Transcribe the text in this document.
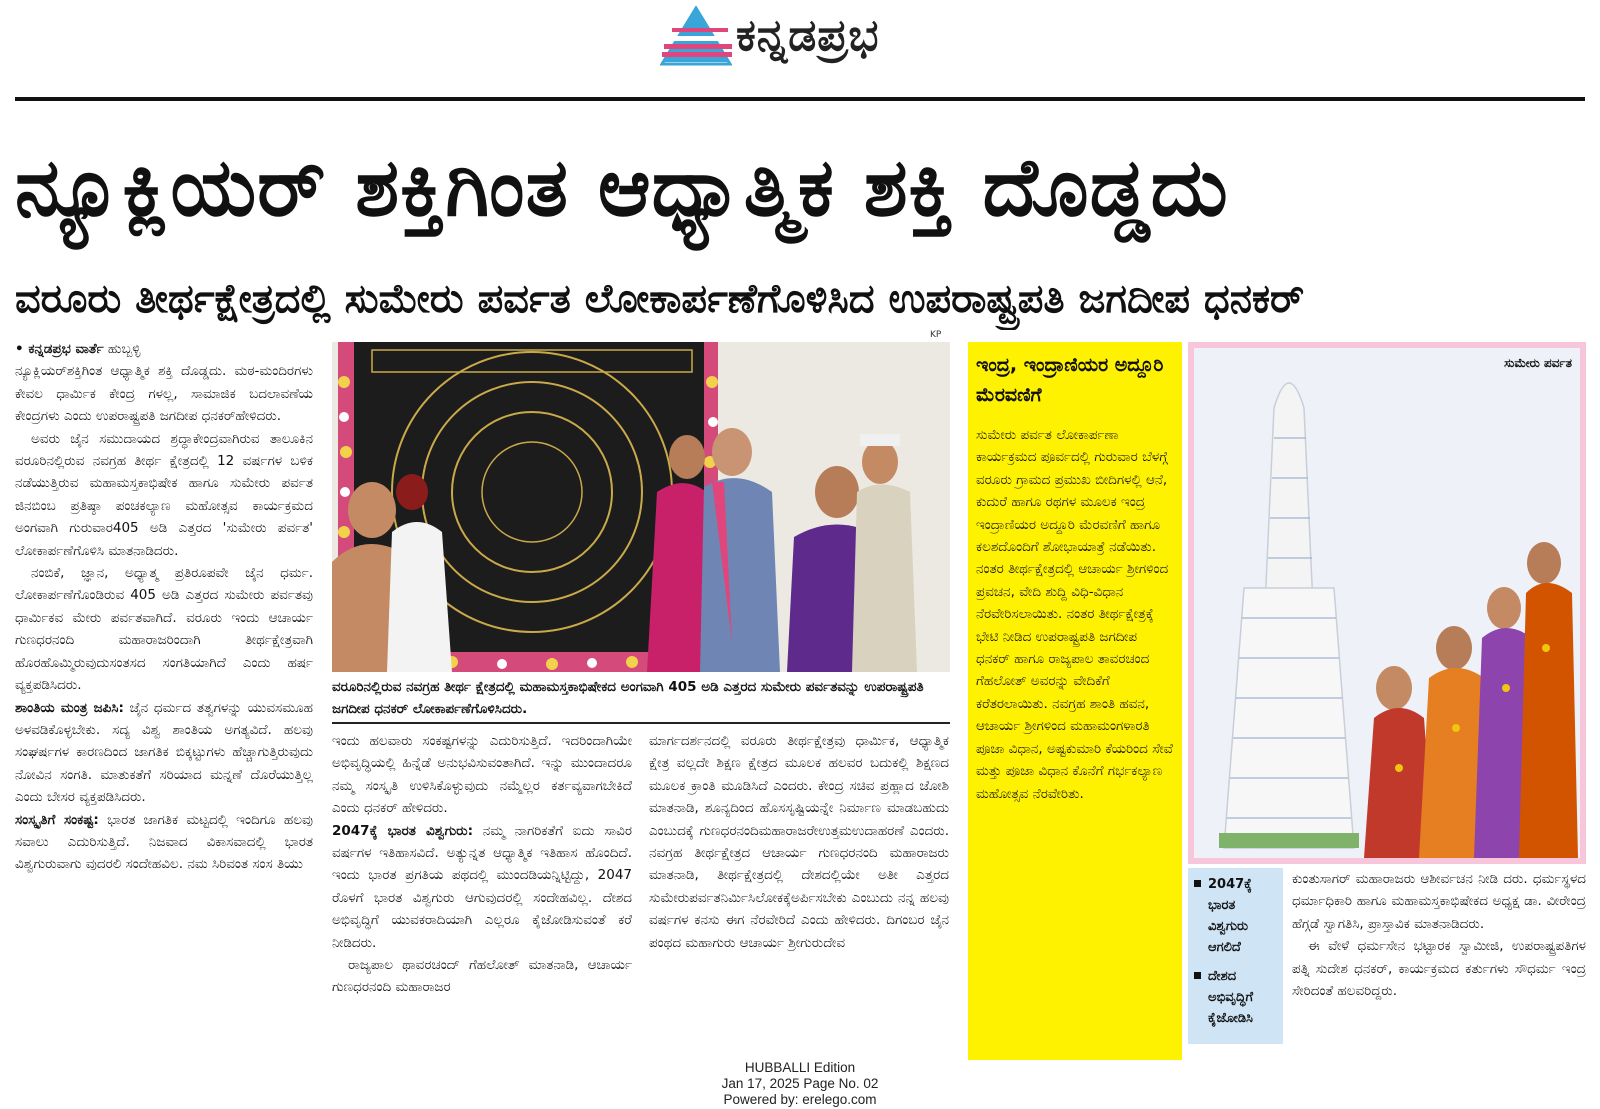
ಕನ್ನಡಪ್ರಭ
ನ್ಯೂಕ್ಲಿಯರ್ ಶಕ್ತಿಗಿಂತ ಆಧ್ಯಾತ್ಮಿಕ ಶಕ್ತಿ ದೊಡ್ಡದು
ವರೂರು ತೀರ್ಥಕ್ಷೇತ್ರದಲ್ಲಿ ಸುಮೇರು ಪರ್ವತ ಲೋಕಾರ್ಪಣೆಗೊಳಿಸಿದ ಉಪರಾಷ್ಟ್ರಪತಿ ಜಗದೀಪ ಧನಕರ್

• ಕನ್ನಡಪ್ರಭ ವಾರ್ತೆ ಹುಬ್ಬಳ್ಳಿ

ನ್ಯೂಕ್ಲಿಯರ್‌ಶಕ್ತಿಗಿಂತ ಆಧ್ಯಾತ್ಮಿಕ ಶಕ್ತಿ ದೊಡ್ಡದು. ಮಠ-ಮಂದಿರಗಳು ಕೇವಲ ಧಾರ್ಮಿಕ ಕೇಂದ್ರ ಗಳಲ್ಲ, ಸಾಮಾಜಿಕ ಬದಲಾವಣೆಯ ಕೇಂದ್ರಗಳು ಎಂದು ಉಪರಾಷ್ಟ್ರಪತಿ ಜಗದೀಪ ಧನಕರ್‌ಹೇಳಿದರು.

ಅವರು ಜೈನ ಸಮುದಾಯದ ಶ್ರದ್ಧಾಕೇಂದ್ರವಾಗಿರುವ ತಾಲೂಕಿನ ವರೂರಿನಲ್ಲಿರುವ ನವಗ್ರಹ ತೀರ್ಥ ಕ್ಷೇತ್ರದಲ್ಲಿ 12 ವರ್ಷಗಳ ಬಳಿಕ ನಡೆಯುತ್ತಿರುವ ಮಹಾಮಸ್ತಕಾಭಿಷೇಕ ಹಾಗೂ ಸುಮೇರು ಪರ್ವತ ಜಿನಬಿಂಬ ಪ್ರತಿಷ್ಠಾ ಪಂಚಕಲ್ಯಾಣ ಮಹೋತ್ಸವ ಕಾರ್ಯಕ್ರಮದ ಅಂಗವಾಗಿ ಗುರುವಾರ405 ಅಡಿ ಎತ್ತರದ 'ಸುಮೇರು ಪರ್ವತ' ಲೋಕಾರ್ಪಣೆಗೊಳಿಸಿ ಮಾತನಾಡಿದರು.

ನಂಬಿಕೆ, ಜ್ಞಾನ, ಅಧ್ಯಾತ್ಮ ಪ್ರತಿರೂಪವೇ ಜೈನ ಧರ್ಮ. ಲೋಕಾರ್ಪಣೆಗೊಂಡಿರುವ 405 ಅಡಿ ಎತ್ತರದ ಸುಮೇರು ಪರ್ವತವು ಧಾರ್ಮಿಕವ ಮೇರು ಪರ್ವತವಾಗಿದೆ. ವರೂರು ಇಂದು ಆಚಾರ್ಯ ಗುಣಧರನಂದಿ ಮಹಾರಾಜರಿಂದಾಗಿ ತೀರ್ಥಕ್ಷೇತ್ರವಾಗಿ ಹೊರಹೊಮ್ಮಿರುವುದುಸಂತಸದ ಸಂಗತಿಯಾಗಿದೆ ಎಂದು ಹರ್ಷ ವ್ಯಕ್ತಪಡಿಸಿದರು.

ಶಾಂತಿಯ ಮಂತ್ರ ಜಪಿಸಿ: ಜೈನ ಧರ್ಮದ ತತ್ವಗಳನ್ನು ಯುವಸಮೂಹ ಅಳವಡಿಕೊಳ್ಳಬೇಕು. ಸದ್ಯ ವಿಶ್ವ ಶಾಂತಿಯ ಅಗತ್ಯವಿದೆ. ಹಲವು ಸಂಘರ್ಷಗಳ ಕಾರಣದಿಂದ ಜಾಗತಿಕ ಬಿಕ್ಕಟ್ಟುಗಳು ಹೆಚ್ಚಾಗುತ್ತಿರುವುದು ನೋವಿನ ಸಂಗತಿ. ಮಾತುಕತೆಗೆ ಸರಿಯಾದ ಮನ್ನಣೆ ದೊರೆಯುತ್ತಿಲ್ಲ ಎಂದು ಬೇಸರ ವ್ಯಕ್ತಪಡಿಸಿದರು.

ಸಂಸ್ಕೃತಿಗೆ ಸಂಕಷ್ಟ: ಭಾರತ ಜಾಗತಿಕ ಮಟ್ಟದಲ್ಲಿ ಇಂದಿಗೂ ಹಲವು ಸವಾಲು ಎದುರಿಸುತ್ತಿದೆ. ನಿಜವಾದ ವಿಕಾಸವಾದಲ್ಲಿ ಭಾರತ ವಿಶ್ವಗುರುವಾಗು ವುದರಲಿ ಸಂದೇಹವಿಲ. ನಮ ಸಿರಿವಂತ ಸಂಸ ತಿಯು

KP
ವರೂರಿನಲ್ಲಿರುವ ನವಗ್ರಹ ತೀರ್ಥ ಕ್ಷೇತ್ರದಲ್ಲಿ ಮಹಾಮಸ್ತಕಾಭಿಷೇಕದ ಅಂಗವಾಗಿ 405 ಅಡಿ ಎತ್ತರದ ಸುಮೇರು ಪರ್ವತವನ್ನು ಉಪರಾಷ್ಟ್ರಪತಿ ಜಗದೀಪ ಧನಕರ್ ಲೋಕಾರ್ಪಣೆಗೊಳಿಸಿದರು.

ಇಂದು ಹಲವಾರು ಸಂಕಷ್ಟಗಳನ್ನು ಎದುರಿಸುತ್ತಿದೆ. ಇದರಿಂದಾಗಿಯೇ ಅಭಿವೃದ್ಧಿಯಲ್ಲಿ ಹಿನ್ನೆಡೆ ಅನುಭವಿಸುವಂತಾಗಿದೆ. ಇನ್ನು ಮುಂದಾದರೂ ನಮ್ಮ ಸಂಸ್ಕೃತಿ ಉಳಿಸಿಕೊಳ್ಳುವುದು ನಮ್ಮೆಲ್ಲರ ಕರ್ತವ್ಯವಾಗಬೇಕಿದೆ ಎಂದು ಧನಕರ್ ಹೇಳಿದರು.

2047ಕ್ಕೆ ಭಾರತ ವಿಶ್ವಗುರು: ನಮ್ಮ ನಾಗರಿಕತೆಗೆ ಐದು ಸಾವಿರ ವರ್ಷಗಳ ಇತಿಹಾಸವಿದೆ. ಅತ್ಯುನ್ನತ ಆಧ್ಯಾತ್ಮಿಕ ಇತಿಹಾಸ ಹೊಂದಿದೆ. ಇಂದು ಭಾರತ ಪ್ರಗತಿಯ ಪಥದಲ್ಲಿ ಮುಂದಡಿಯನ್ನಿಟ್ಟಿದ್ದು, 2047 ರೊಳಗೆ ಭಾರತ ವಿಶ್ವಗುರು ಆಗುವುದರಲ್ಲಿ ಸಂದೇಹವಿಲ್ಲ. ದೇಶದ ಅಭಿವೃದ್ಧಿಗೆ ಯುವಕರಾದಿಯಾಗಿ ಎಲ್ಲರೂ ಕೈಜೋಡಿಸುವಂತೆ ಕರೆ ನೀಡಿದರು.

ರಾಜ್ಯಪಾಲ ಥಾವರಚಂದ್ ಗೆಹಲೋತ್ ಮಾತನಾಡಿ, ಆಚಾರ್ಯ ಗುಣಧರನಂದಿ ಮಹಾರಾಜರ

ಮಾರ್ಗದರ್ಶನದಲ್ಲಿ ವರೂರು ತೀರ್ಥಕ್ಷೇತ್ರವು ಧಾರ್ಮಿಕ, ಆಧ್ಯಾತ್ಮಿಕ ಕ್ಷೇತ್ರ ವಲ್ಲದೇ ಶಿಕ್ಷಣ ಕ್ಷೇತ್ರದ ಮೂಲಕ ಹಲವರ ಬದುಕಲ್ಲಿ ಶಿಕ್ಷಣದ ಮೂಲಕ ಕ್ರಾಂತಿ ಮೂಡಿಸಿದೆ ಎಂದರು. ಕೇಂದ್ರ ಸಚಿವ ಪ್ರಹ್ಲಾದ ಜೋಶಿ ಮಾತನಾಡಿ, ಶೂನ್ಯದಿಂದ ಹೊಸಸೃಷ್ಟಿಯನ್ನೇ ನಿರ್ಮಾಣ ಮಾಡಬಹುದು ಎಂಬುದಕ್ಕೆ ಗುಣಧರನಂದಿಮಹಾರಾಜರೇಉತ್ತಮಉದಾಹರಣೆ ಎಂದರು. ನವಗ್ರಹ ತೀರ್ಥಕ್ಷೇತ್ರದ ಆಚಾರ್ಯ ಗುಣಧರನಂದಿ ಮಹಾರಾಜರು ಮಾತನಾಡಿ, ತೀರ್ಥಕ್ಷೇತ್ರದಲ್ಲಿ ದೇಶದಲ್ಲಿಯೇ ಅತೀ ಎತ್ತರದ ಸುಮೇರುಪರ್ವತನಿರ್ಮಿಸಿಲೋಕಕ್ಕೆಅರ್ಪಿಸಬೇಕು ಎಂಬುದು ನನ್ನ ಹಲವು ವರ್ಷಗಳ ಕನಸು ಈಗ ನೆರವೇರಿದೆ ಎಂದು ಹೇಳಿದರು. ದಿಗಂಬರ ಜೈನ ಪಂಥದ ಮಹಾಗುರು ಆಚಾರ್ಯ ಶ್ರೀಗುರುದೇವ

ಇಂದ್ರ, ಇಂದ್ರಾಣಿಯರ ಅದ್ದೂರಿ ಮೆರವಣಿಗೆ
ಸುಮೇರು ಪರ್ವತ ಲೋಕಾರ್ಪಣಾ ಕಾರ್ಯಕ್ರಮದ ಪೂರ್ವದಲ್ಲಿ ಗುರುವಾರ ಬೆಳಗ್ಗೆ ವರೂರು ಗ್ರಾಮದ ಪ್ರಮುಖ ಬೀದಿಗಳಲ್ಲಿ ಆನೆ, ಕುದುರೆ ಹಾಗೂ ರಥಗಳ ಮೂಲಕ ಇಂದ್ರ ಇಂದ್ರಾಣಿಯರ ಅದ್ದೂರಿ ಮೆರವಣಿಗೆ ಹಾಗೂ ಕಲಶದೊಂದಿಗೆ ಶೋಭಾಯಾತ್ರೆ ನಡೆಯಿತು. ನಂತರ ತೀರ್ಥಕ್ಷೇತ್ರದಲ್ಲಿ ಆಚಾರ್ಯ ಶ್ರೀಗಳಿಂದ ಪ್ರವಚನ, ವೇದಿ ಶುದ್ದಿ ವಿಧಿ-ವಿಧಾನ ನೆರವೇರಿಸಲಾಯಿತು. ನಂತರ ತೀರ್ಥಕ್ಷೇತ್ರಕ್ಕೆ ಭೇಟಿ ನೀಡಿದ ಉಪರಾಷ್ಟ್ರಪತಿ ಜಗದೀಪ ಧನಕರ್ ಹಾಗೂ ರಾಜ್ಯಪಾಲ ತಾವರಚಂದ ಗೆಹಲೋತ್ ಅವರನ್ನು ವೇದಿಕೆಗೆ ಕರೆತರಲಾಯಿತು. ನವಗ್ರಹ ಶಾಂತಿ ಹವನ, ಆಚಾರ್ಯ ಶ್ರೀಗಳಿಂದ ಮಹಾಮಂಗಳಾರತಿ ಪೂಜಾ ವಿಧಾನ, ಅಷ್ಟಕುಮಾರಿ ಕೆಯರಿಂದ ಸೇವೆ ಮತ್ತು ಪೂಜಾ ವಿಧಾನ ಕೊನೆಗೆ ಗರ್ಭಕಲ್ಯಾಣ ಮಹೋತ್ಸವ ನೆರವೇರಿತು.
ಸುಮೇರು ಪರ್ವತ
2047ಕ್ಕೆ ಭಾರತ ವಿಶ್ವಗುರು ಆಗಲಿದೆ
ದೇಶದ ಅಭಿವೃದ್ಧಿಗೆ ಕೈಜೋಡಿಸಿ

ಕುಂತುಸಾಗರ್ ಮಹಾರಾಜರು ಆಶೀರ್ವಚನ ನೀಡಿ ದರು. ಧರ್ಮಸ್ಥಳದ ಧರ್ಮಾಧಿಕಾರಿ ಹಾಗೂ ಮಹಾಮಸ್ತಕಾಭಿಷೇಕದ ಅಧ್ಯಕ್ಷ ಡಾ. ವೀರೇಂದ್ರ ಹೆಗ್ಗಡೆ ಸ್ವಾಗತಿಸಿ, ಪ್ರಾಸ್ತಾವಿಕ ಮಾತನಾಡಿದರು.

ಈ ವೇಳೆ ಧರ್ಮಸೇನ ಭಟ್ಟಾರಕ ಸ್ವಾಮೀಜಿ, ಉಪರಾಷ್ಟ್ರಪತಿಗಳ ಪತ್ನಿ ಸುದೇಶ ಧನಕರ್, ಕಾರ್ಯಕ್ರಮದ ಕರ್ತುಗಳು ಸೌಧರ್ಮ ಇಂದ್ರ ಸೇರಿದಂತೆ ಹಲವರಿದ್ದರು.

HUBBALLI Edition
Jan 17, 2025 Page No. 02
Powered by: erelego.com
